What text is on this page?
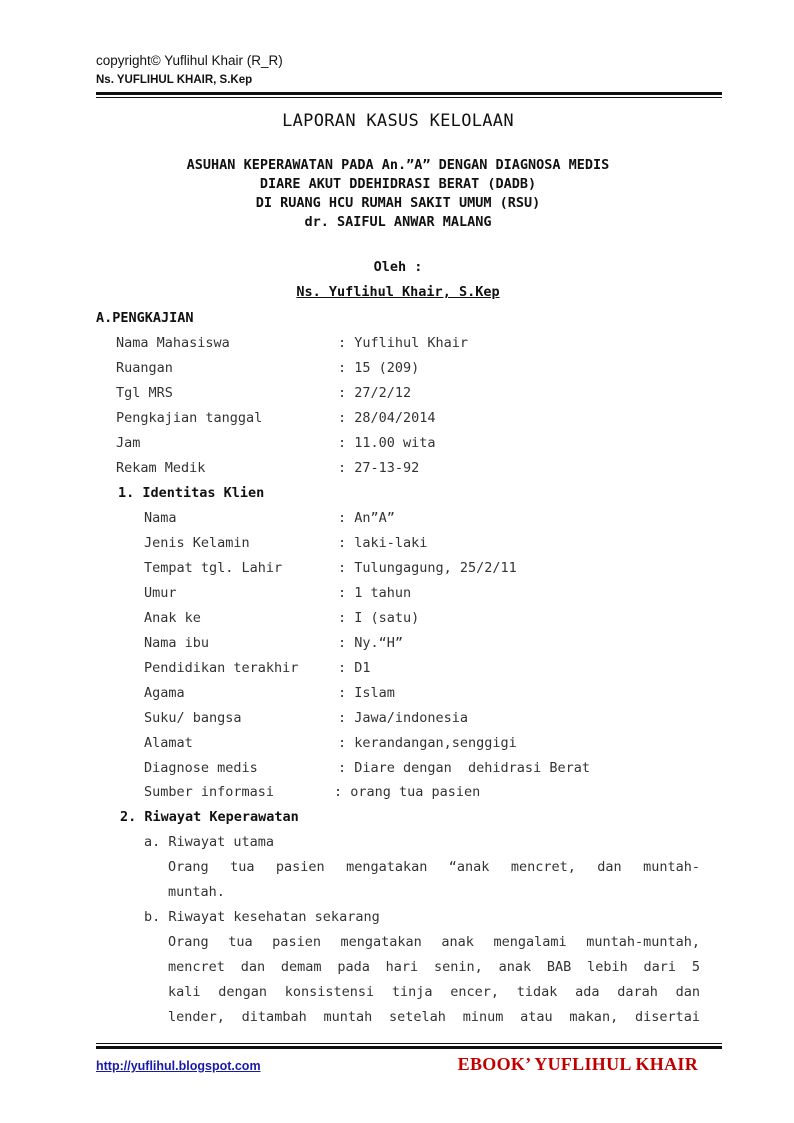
copyright© Yuflihul Khair (R_R)
Ns. YUFLIHUL KHAIR, S.Kep
LAPORAN KASUS KELOLAAN
ASUHAN KEPERAWATAN PADA An.”A” DENGAN DIAGNOSA MEDIS
DIARE AKUT DDEHIDRASI BERAT (DADB)
DI RUANG HCU RUMAH SAKIT UMUM (RSU)
dr. SAIFUL ANWAR MALANG
Oleh :
Ns. Yuflihul Khair, S.Kep
A.PENGKAJIAN
Nama Mahasiswa	: Yuflihul Khair
Ruangan	: 15 (209)
Tgl MRS	: 27/2/12
Pengkajian tanggal	: 28/04/2014
Jam	: 11.00 wita
Rekam Medik	: 27-13-92
1. Identitas Klien
Nama	: An”A”
Jenis Kelamin	: laki-laki
Tempat tgl. Lahir	: Tulungagung, 25/2/11
Umur	: 1 tahun
Anak ke	: I (satu)
Nama ibu	: Ny.“H”
Pendidikan terakhir	: D1
Agama	: Islam
Suku/ bangsa	: Jawa/indonesia
Alamat	: kerandangan,senggigi
Diagnose medis	: Diare dengan  dehidrasi Berat
Sumber informasi	: orang tua pasien
2. Riwayat Keperawatan
a. Riwayat utama
Orang tua pasien mengatakan “anak mencret, dan muntah-
muntah.
b. Riwayat kesehatan sekarang
Orang tua pasien mengatakan anak mengalami muntah-muntah,
mencret dan demam pada hari senin, anak BAB lebih dari 5
kali dengan konsistensi tinja encer, tidak ada darah dan
lender, ditambah muntah setelah minum atau makan, disertai
http://yuflihul.blogspot.com	EBOOK’ YUFLIHUL KHAIR
